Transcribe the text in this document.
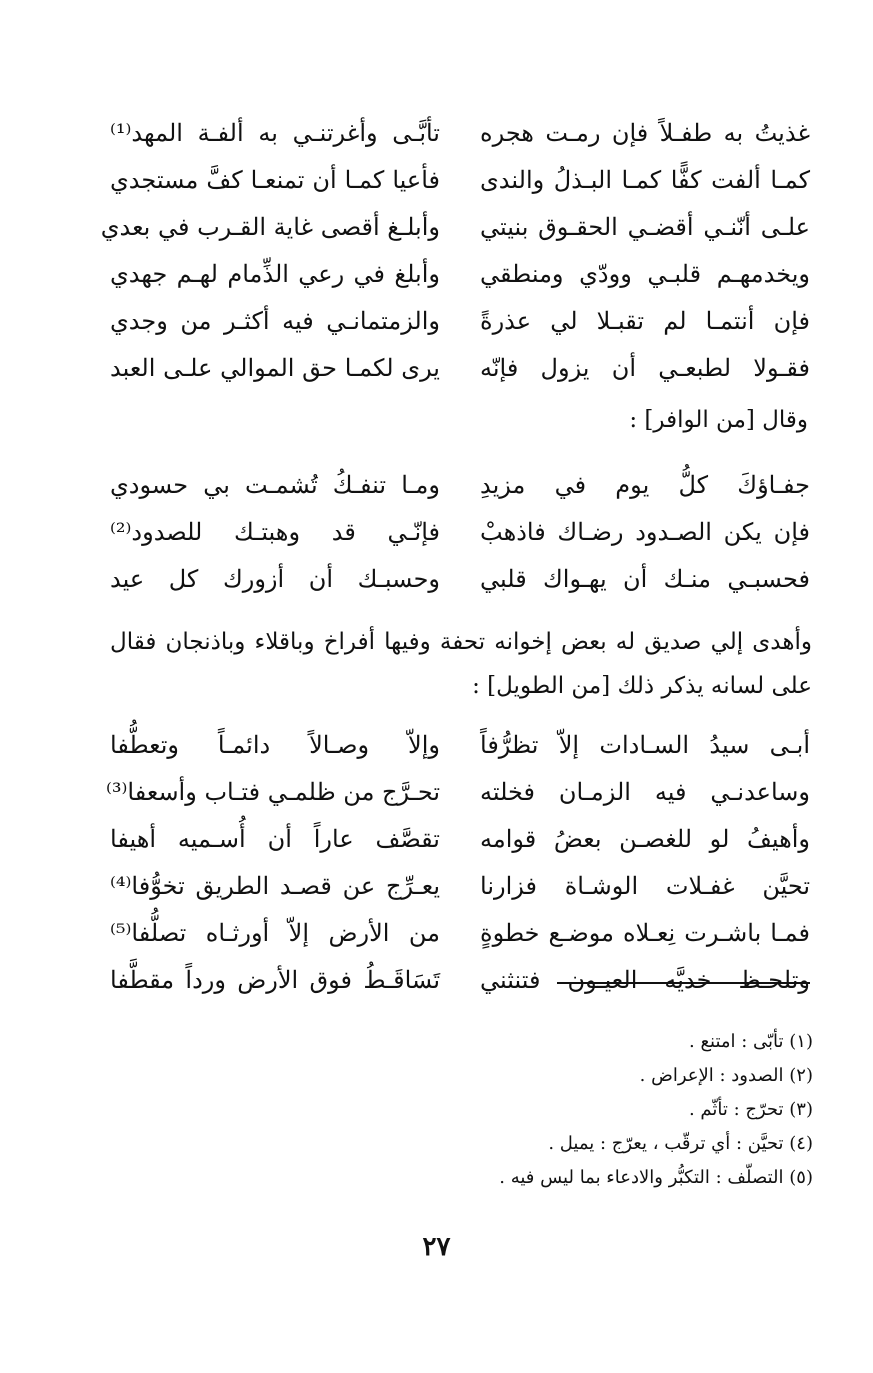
غذيتُ به طفـلاً فإن رمـت هجره
تأبَّـى وأغرتنـي به ألفـة المهد⁽¹⁾
كمـا ألفت كفًّا كمـا البـذلُ والندى
فأعيا كمـا أن تمنعـا كفَّ مستجدي
علـى أنّنـي أقضـي الحقـوق بنيتي
وأبلـغ أقصى غاية القـرب في بعدي
ويخدمهـم قلبـي وودّي ومنطقي
وأبلغ في رعي الذِّمام لهـم جهدي
فإن أنتمـا لم تقبـلا لي عذرةً
والزمتمانـي فيه أكثـر من وجدي
فقـولا لطبعـي أن يزول فإنّه
يرى لكمـا حق الموالي علـى العبد
وقال [من الوافر] :
جفـاؤكَ كلُّ يوم في مزيدِ
ومـا تنفـكُ تُشمـت بي حسودي
فإن يكن الصـدود رضـاك فاذهبْ
فإنّـي قد وهبتـك للصدود⁽²⁾
فحسبـي منـك أن يهـواك قلبي
وحسبـك أن أزورك كل عيد
وأهدى إلي صديق له بعض إخوانه تحفة وفيها أفراخ وباقلاء وباذنجان فقال
على لسانه يذكر ذلك [من الطويل] :
أبـى سيدُ السـادات إلاّ تظرُّفاً
وإلاّ وصـالاً دائمـاً وتعطُّفا
وساعدنـي فيه الزمـان فخلته
تحـرَّج من ظلمـي فتـاب وأسعفا⁽³⁾
وأهيفُ لو للغصـن بعضُ قوامه
تقصَّف عاراً أن أُسـميه أهيفا
تحيَّن غفـلات الوشـاة فزارنا
يعـرِّج عن قصـد الطريق تخوُّفا⁽⁴⁾
فمـا باشـرت نِعـلاه موضـع خطوةٍ
من الأرض إلاّ أورثـاه تصلُّفا⁽⁵⁾
وتلحـظ خديَّه العيـون فتنثني
تَسَاقَـطُ فوق الأرض ورداً مقطَّفا
(١) تأبّى : امتنع .
(٢) الصدود : الإعراض .
(٣) تحرّج : تأثّم .
(٤) تحيَّن : أي ترقّب ، يعرّج : يميل .
(٥) التصلّف : التكبُّر والادعاء بما ليس فيه .
٢٧
